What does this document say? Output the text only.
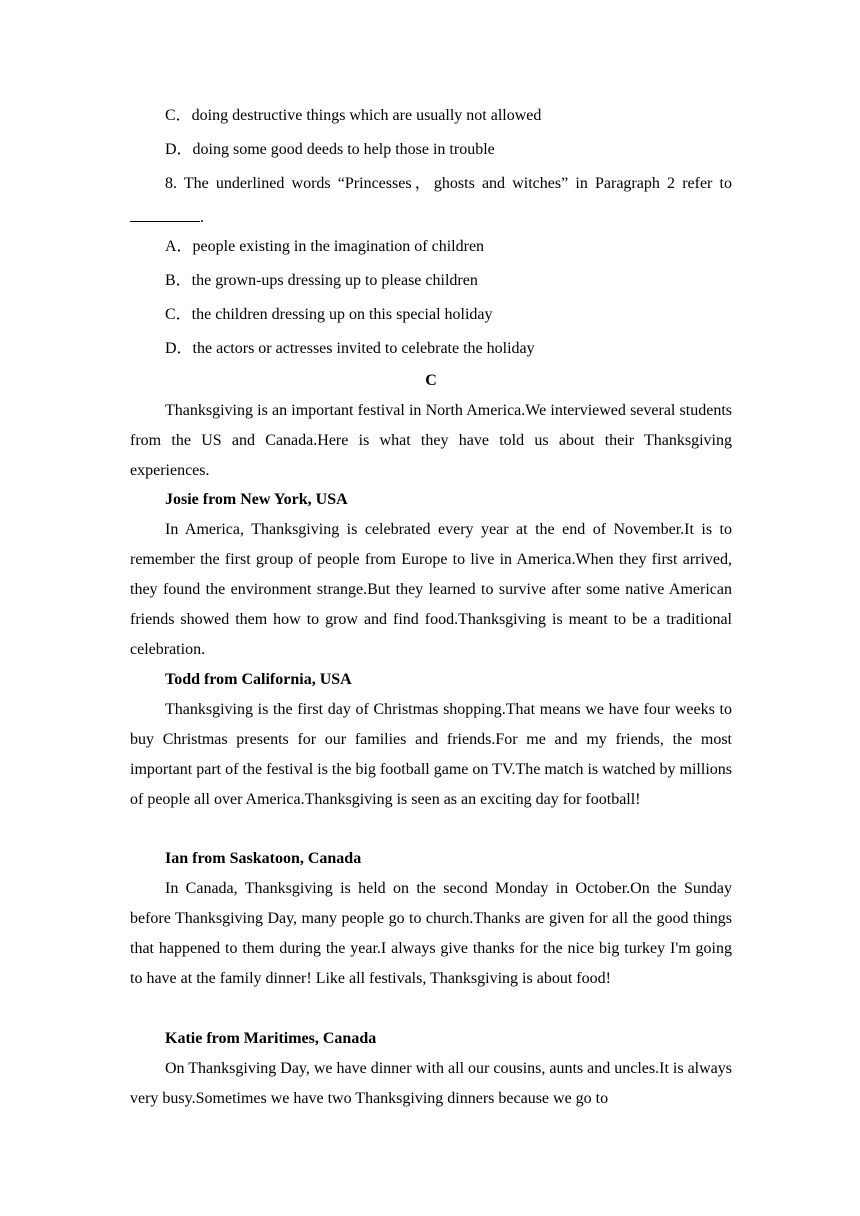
C．doing destructive things which are usually not allowed
D．doing some good deeds to help those in trouble
8. The underlined words “Princesses，ghosts and witches” in Paragraph 2 refer to
.
A．people existing in the imagination of children
B．the grown-ups dressing up to please children
C．the children dressing up on this special holiday
D．the actors or actresses invited to celebrate the holiday
C

Thanksgiving is an important festival in North America.We interviewed several students from the US and Canada.Here is what they have told us about their Thanksgiving experiences.

Josie from New York, USA

In America, Thanksgiving is celebrated every year at the end of November.It is to remember the first group of people from Europe to live in America.When they first arrived, they found the environment strange.But they learned to survive after some native American friends showed them how to grow and find food.Thanksgiving is meant to be a traditional celebration.

Todd from California, USA

Thanksgiving is the first day of Christmas shopping.That means we have four weeks to buy Christmas presents for our families and friends.For me and my friends, the most important part of the festival is the big football game on TV.The match is watched by millions of people all over America.Thanksgiving is seen as an exciting day for football!

Ian from Saskatoon, Canada

In Canada, Thanksgiving is held on the second Monday in October.On the Sunday before Thanksgiving Day, many people go to church.Thanks are given for all the good things that happened to them during the year.I always give thanks for the nice big turkey I'm going to have at the family dinner! Like all festivals, Thanksgiving is about food!

Katie from Maritimes, Canada

On Thanksgiving Day, we have dinner with all our cousins, aunts and uncles.It is always very busy.Sometimes we have two Thanksgiving dinners because we go to
